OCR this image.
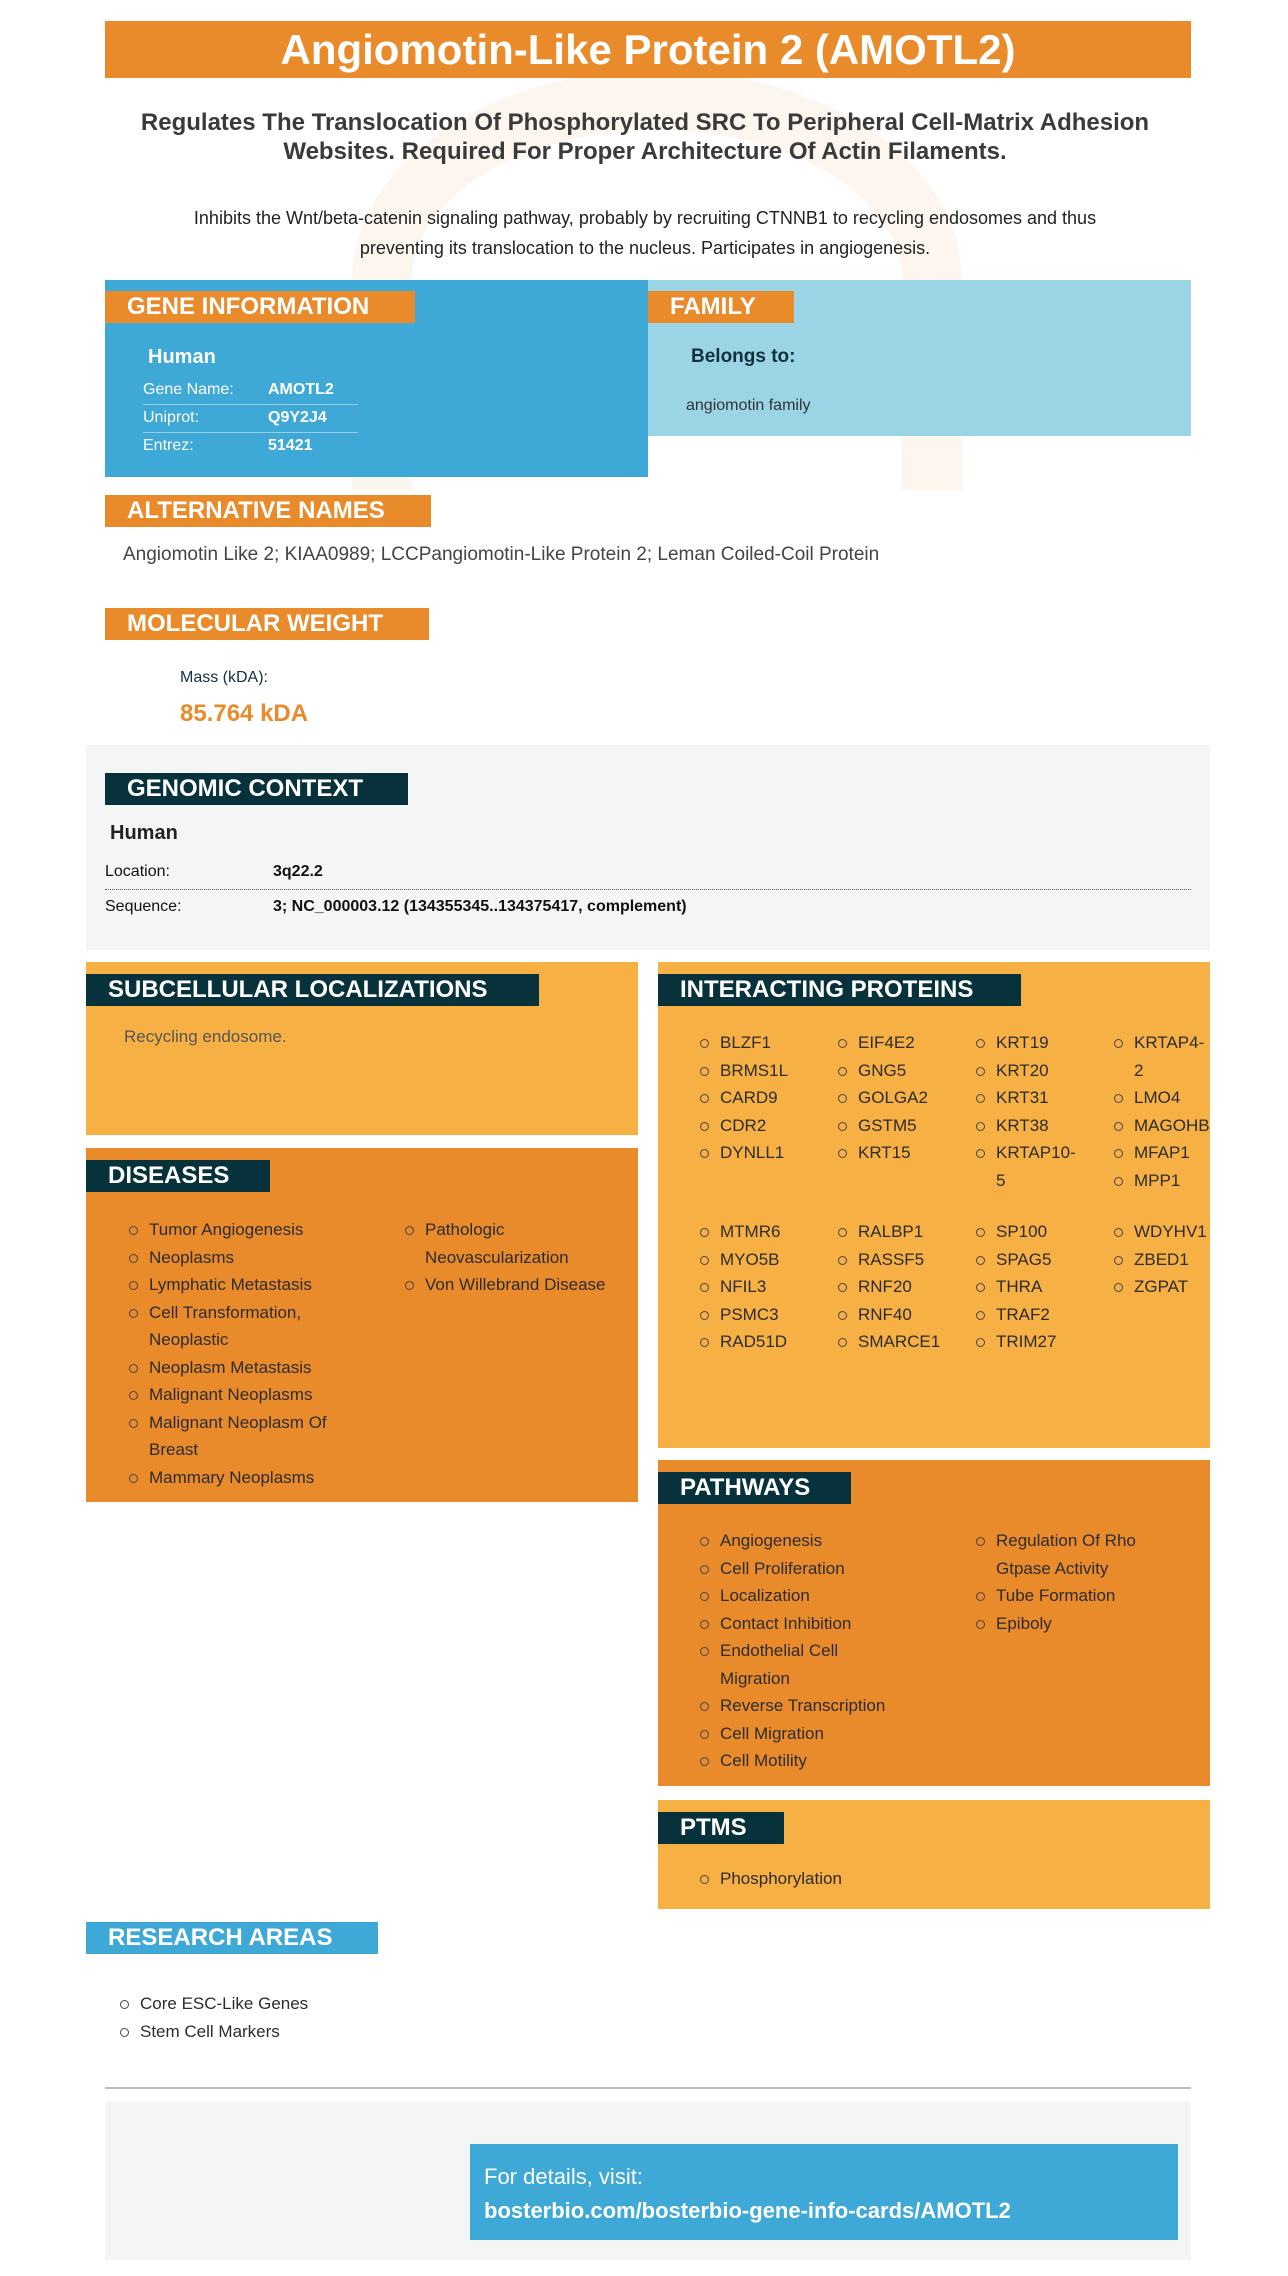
Angiomotin-Like Protein 2 (AMOTL2)
Regulates The Translocation Of Phosphorylated SRC To Peripheral Cell-Matrix Adhesion Websites. Required For Proper Architecture Of Actin Filaments.
Inhibits the Wnt/beta-catenin signaling pathway, probably by recruiting CTNNB1 to recycling endosomes and thus preventing its translocation to the nucleus. Participates in angiogenesis.
Human
Gene Name:	AMOTL2
Uniprot:	Q9Y2J4
Entrez:	51421
GENE INFORMATION
Belongs to:
angiomotin family
FAMILY
ALTERNATIVE NAMES
Angiomotin Like 2; KIAA0989; LCCPangiomotin-Like Protein 2; Leman Coiled-Coil Protein
MOLECULAR WEIGHT
Mass (kDA):
85.764 kDA
Human
Location:	3q22.2
Sequence:	3; NC_000003.12 (134355345..134375417, complement)
GENOMIC CONTEXT
Recycling endosome.
SUBCELLULAR LOCALIZATIONS
Tumor Angiogenesis
Neoplasms
Lymphatic Metastasis
Cell Transformation, Neoplastic
Neoplasm Metastasis
Malignant Neoplasms
Malignant Neoplasm Of Breast
Mammary Neoplasms
Pathologic Neovascularization
Von Willebrand Disease
DISEASES
BLZF1
BRMS1L
CARD9
CDR2
DYNLL1
EIF4E2
GNG5
GOLGA2
GSTM5
KRT15
KRT19
KRT20
KRT31
KRT38
KRTAP10-5
KRTAP4-2
LMO4
MAGOHB
MFAP1
MPP1
MTMR6
MYO5B
NFIL3
PSMC3
RAD51D
RALBP1
RASSF5
RNF20
RNF40
SMARCE1
SP100
SPAG5
THRA
TRAF2
TRIM27
WDYHV1
ZBED1
ZGPAT
INTERACTING PROTEINS
Angiogenesis
Cell Proliferation
Localization
Contact Inhibition
Endothelial Cell Migration
Reverse Transcription
Cell Migration
Cell Motility
Regulation Of Rho Gtpase Activity
Tube Formation
Epiboly
PATHWAYS
Phosphorylation
PTMS
RESEARCH AREAS
Core ESC-Like Genes
Stem Cell Markers
For details, visit:
bosterbio.com/bosterbio-gene-info-cards/AMOTL2
